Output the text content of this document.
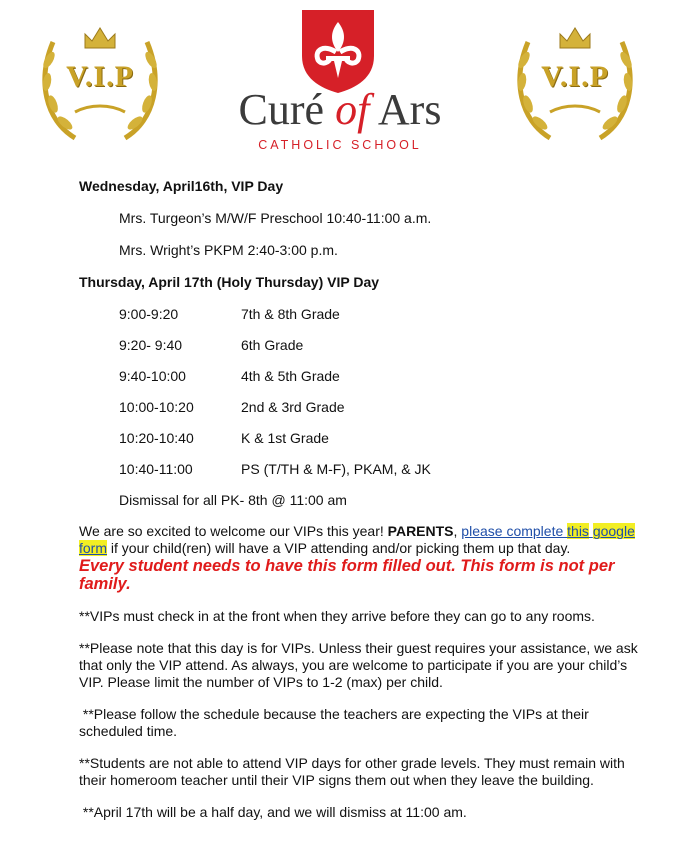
V.I.P
Curé of Ars
CATHOLIC SCHOOL
V.I.P

Wednesday, April16th, VIP Day

Mrs. Turgeon’s M/W/F Preschool 10:40-11:00 a.m.

Mrs. Wright’s PKPM 2:40-3:00 p.m.

Thursday, April 17th (Holy Thursday) VIP Day

9:00-9:20	7th & 8th Grade
9:20- 9:40	6th Grade
9:40-10:00	4th & 5th Grade
10:00-10:20	2nd & 3rd Grade
10:20-10:40	K & 1st Grade
10:40-11:00	PS (T/TH & M-F), PKAM, & JK

Dismissal for all PK- 8th @ 11:00 am

We are so excited to welcome our VIPs this year! PARENTS, please complete this google form if your child(ren) will have a VIP attending and/or picking them up that day.

Every student needs to have this form filled out. This form is not per family.

**VIPs must check in at the front when they arrive before they can go to any rooms.

**Please note that this day is for VIPs. Unless their guest requires your assistance, we ask that only the VIP attend. As always, you are welcome to participate if you are your child’s VIP. Please limit the number of VIPs to 1-2 (max) per child.

**Please follow the schedule because the teachers are expecting the VIPs at their scheduled time.

**Students are not able to attend VIP days for other grade levels. They must remain with their homeroom teacher until their VIP signs them out when they leave the building.

**April 17th will be a half day, and we will dismiss at 11:00 am.
